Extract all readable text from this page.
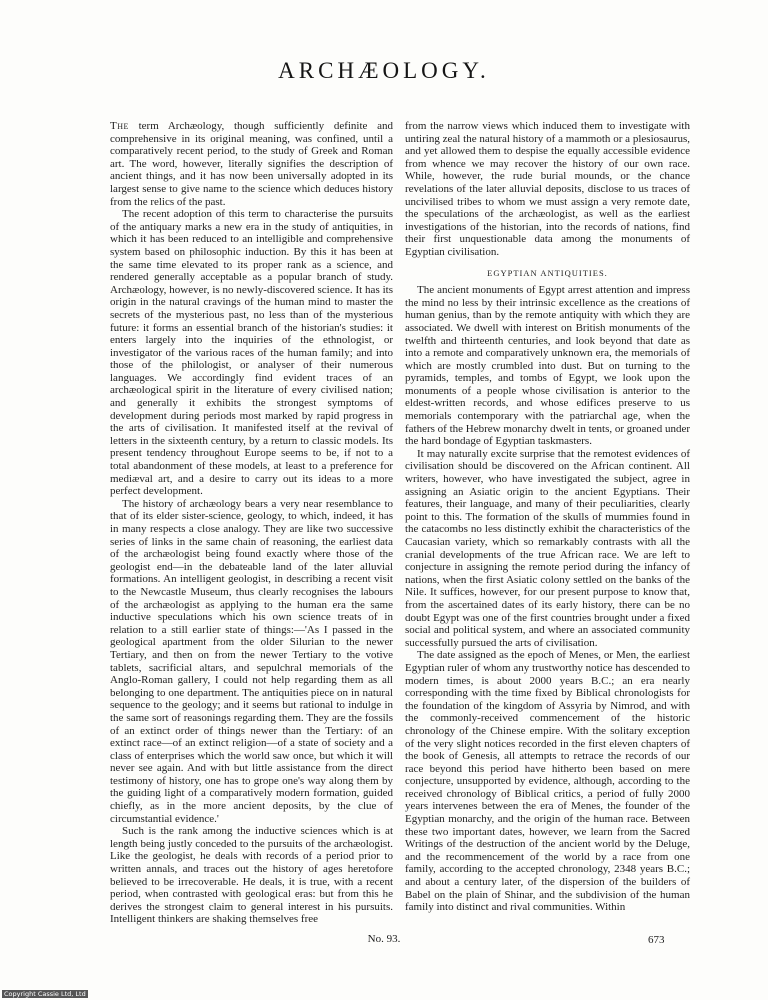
ARCHÆOLOGY.

The term Archæology, though sufficiently definite and comprehensive in its original meaning, was confined, until a comparatively recent period, to the study of Greek and Roman art. The word, however, literally signifies the description of ancient things, and it has now been universally adopted in its largest sense to give name to the science which deduces history from the relics of the past.

The recent adoption of this term to characterise the pursuits of the antiquary marks a new era in the study of antiquities, in which it has been reduced to an intelligible and comprehensive system based on philosophic induction. By this it has been at the same time elevated to its proper rank as a science, and rendered generally acceptable as a popular branch of study. Archæology, however, is no newly-discovered science. It has its origin in the natural cravings of the human mind to master the secrets of the mysterious past, no less than of the mysterious future: it forms an essential branch of the historian's studies: it enters largely into the inquiries of the ethnologist, or investigator of the various races of the human family; and into those of the philologist, or analyser of their numerous languages. We accordingly find evident traces of an archæological spirit in the literature of every civilised nation; and generally it exhibits the strongest symptoms of development during periods most marked by rapid progress in the arts of civilisation. It manifested itself at the revival of letters in the sixteenth century, by a return to classic models. Its present tendency throughout Europe seems to be, if not to a total abandonment of these models, at least to a preference for mediæval art, and a desire to carry out its ideas to a more perfect development.

The history of archæology bears a very near resemblance to that of its elder sister-science, geology, to which, indeed, it has in many respects a close analogy. They are like two successive series of links in the same chain of reasoning, the earliest data of the archæologist being found exactly where those of the geologist end—in the debateable land of the later alluvial formations. An intelligent geologist, in describing a recent visit to the Newcastle Museum, thus clearly recognises the labours of the archæologist as applying to the human era the same inductive speculations which his own science treats of in relation to a still earlier state of things:—'As I passed in the geological apartment from the older Silurian to the newer Tertiary, and then on from the newer Tertiary to the votive tablets, sacrificial altars, and sepulchral memorials of the Anglo-Roman gallery, I could not help regarding them as all belonging to one department. The antiquities piece on in natural sequence to the geology; and it seems but rational to indulge in the same sort of reasonings regarding them. They are the fossils of an extinct order of things newer than the Tertiary: of an extinct race—of an extinct religion—of a state of society and a class of enterprises which the world saw once, but which it will never see again. And with but little assistance from the direct testimony of history, one has to grope one's way along them by the guiding light of a comparatively modern formation, guided chiefly, as in the more ancient deposits, by the clue of circumstantial evidence.'

Such is the rank among the inductive sciences which is at length being justly conceded to the pursuits of the archæologist. Like the geologist, he deals with records of a period prior to written annals, and traces out the history of ages heretofore believed to be irrecoverable. He deals, it is true, with a recent period, when contrasted with geological eras: but from this he derives the strongest claim to general interest in his pursuits. Intelligent thinkers are shaking themselves free

from the narrow views which induced them to investigate with untiring zeal the natural history of a mammoth or a plesiosaurus, and yet allowed them to despise the equally accessible evidence from whence we may recover the history of our own race. While, however, the rude burial mounds, or the chance revelations of the later alluvial deposits, disclose to us traces of uncivilised tribes to whom we must assign a very remote date, the speculations of the archæologist, as well as the earliest investigations of the historian, into the records of nations, find their first unquestionable data among the monuments of Egyptian civilisation.

EGYPTIAN ANTIQUITIES.

The ancient monuments of Egypt arrest attention and impress the mind no less by their intrinsic excellence as the creations of human genius, than by the remote antiquity with which they are associated. We dwell with interest on British monuments of the twelfth and thirteenth centuries, and look beyond that date as into a remote and comparatively unknown era, the memorials of which are mostly crumbled into dust. But on turning to the pyramids, temples, and tombs of Egypt, we look upon the monuments of a people whose civilisation is anterior to the eldest-written records, and whose edifices preserve to us memorials contemporary with the patriarchal age, when the fathers of the Hebrew monarchy dwelt in tents, or groaned under the hard bondage of Egyptian taskmasters.

It may naturally excite surprise that the remotest evidences of civilisation should be discovered on the African continent. All writers, however, who have investigated the subject, agree in assigning an Asiatic origin to the ancient Egyptians. Their features, their language, and many of their peculiarities, clearly point to this. The formation of the skulls of mummies found in the catacombs no less distinctly exhibit the characteristics of the Caucasian variety, which so remarkably contrasts with all the cranial developments of the true African race. We are left to conjecture in assigning the remote period during the infancy of nations, when the first Asiatic colony settled on the banks of the Nile. It suffices, however, for our present purpose to know that, from the ascertained dates of its early history, there can be no doubt Egypt was one of the first countries brought under a fixed social and political system, and where an associated community successfully pursued the arts of civilisation.

The date assigned as the epoch of Menes, or Men, the earliest Egyptian ruler of whom any trustworthy notice has descended to modern times, is about 2000 years B.C.; an era nearly corresponding with the time fixed by Biblical chronologists for the foundation of the kingdom of Assyria by Nimrod, and with the commonly-received commencement of the historic chronology of the Chinese empire. With the solitary exception of the very slight notices recorded in the first eleven chapters of the book of Genesis, all attempts to retrace the records of our race beyond this period have hitherto been based on mere conjecture, unsupported by evidence, although, according to the received chronology of Biblical critics, a period of fully 2000 years intervenes between the era of Menes, the founder of the Egyptian monarchy, and the origin of the human race. Between these two important dates, however, we learn from the Sacred Writings of the destruction of the ancient world by the Deluge, and the recommencement of the world by a race from one family, according to the accepted chronology, 2348 years B.C.; and about a century later, of the dispersion of the builders of Babel on the plain of Shinar, and the subdivision of the human family into distinct and rival communities. Within

No. 93.	673
Copyright Cassie Ltd, Ltd
